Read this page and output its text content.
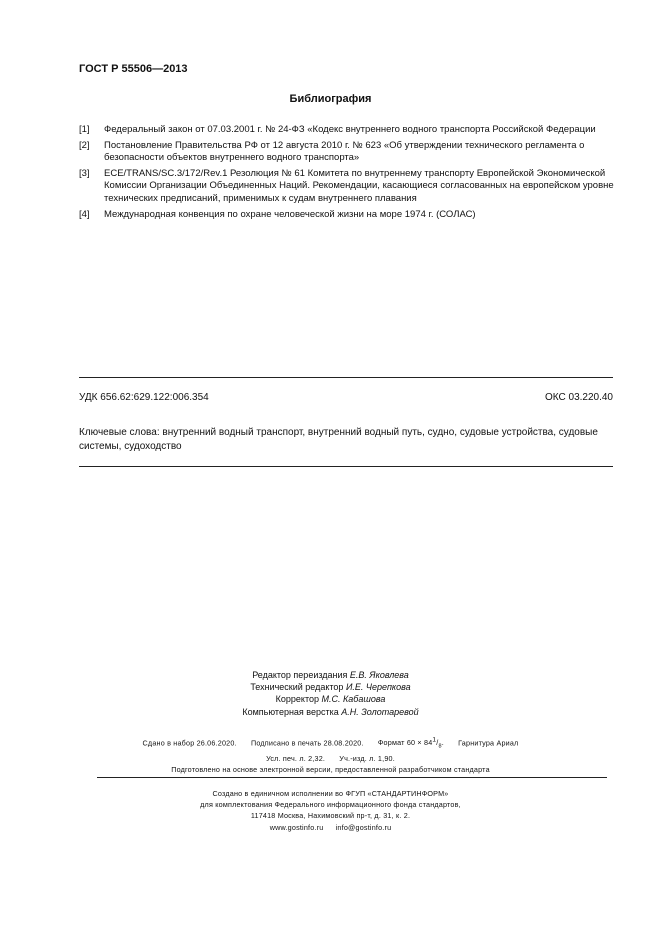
ГОСТ Р 55506—2013
Библиография
[1]	Федеральный закон от 07.03.2001 г. № 24-ФЗ «Кодекс внутреннего водного транспорта Российской Федерации
[2]	Постановление Правительства РФ от 12 августа 2010 г. № 623 «Об утверждении технического регламента о безопасности объектов внутреннего водного транспорта»
[3]	ECE/TRANS/SC.3/172/Rev.1 Резолюция № 61 Комитета по внутреннему транспорту Европейской Экономической Комиссии Организации Объединенных Наций. Рекомендации, касающиеся согласованных на европейском уровне технических предписаний, применимых к судам внутреннего плавания
[4]	Международная конвенция по охране человеческой жизни на море 1974 г. (СОЛАС)
УДК 656.62:629.122:006.354	ОКС 03.220.40
Ключевые слова: внутренний водный транспорт, внутренний водный путь, судно, судовые устройства, судовые системы, судоходство
Редактор переиздания Е.В. Яковлева
Технический редактор И.Е. Черепкова
Корректор М.С. Кабашова
Компьютерная верстка А.Н. Золотаревой
Сдано в набор 26.06.2020. Подписано в печать 28.08.2020. Формат $60 \times 84^1/_8$. Гарнитура Ариал
Усл. печ. л. 2,32. Уч.-изд. л. 1,90.
Подготовлено на основе электронной версии, предоставленной разработчиком стандарта
Создано в единичном исполнении во ФГУП «СТАНДАРТИНФОРМ»
для комплектования Федерального информационного фонда стандартов,
117418 Москва, Нахимовский пр-т, д. 31, к. 2.
www.gostinfo.ru info@gostinfo.ru
